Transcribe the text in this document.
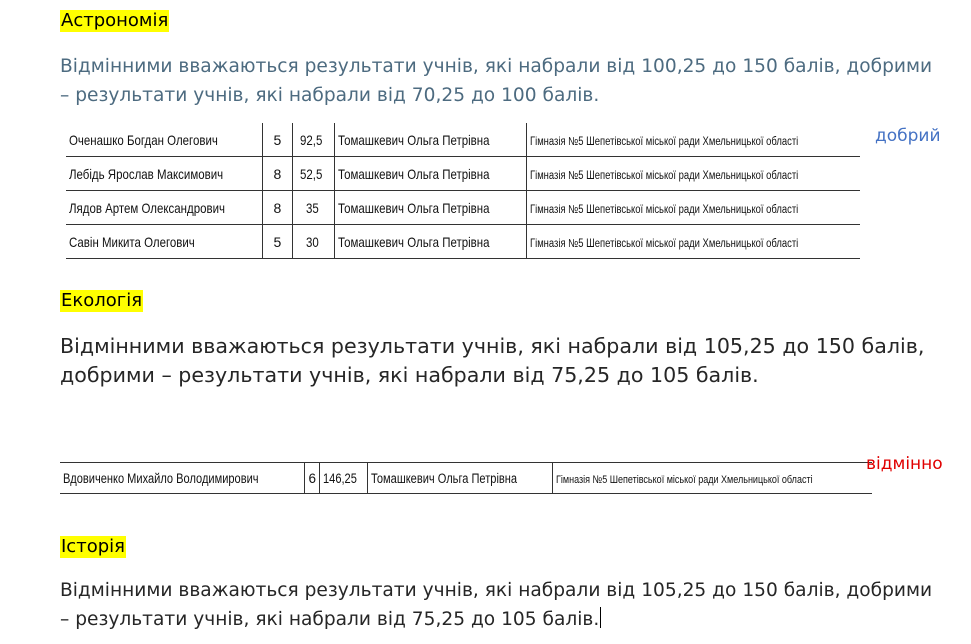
Астрономія

Відмінними вважаються результати учнів, які набрали від 100,25 до 150 балів, добрими – результати учнів, які набрали від 70,25 до 100 балів.

Оченашко Богдан Олегович	5	92,5	Томашкевич Ольга Петрівна	Гімназія №5 Шепетівської міської ради Хмельницької області
Лебідь Ярослав Максимович	8	52,5	Томашкевич Ольга Петрівна	Гімназія №5 Шепетівської міської ради Хмельницької області
Лядов Артем Олександрович	8	35	Томашкевич Ольга Петрівна	Гімназія №5 Шепетівської міської ради Хмельницької області
Савін Микита Олегович	5	30	Томашкевич Ольга Петрівна	Гімназія №5 Шепетівської міської ради Хмельницької області
добрий
Екологія

Відмінними вважаються результати учнів, які набрали від 105,25 до 150 балів, добрими – результати учнів, які набрали від 75,25 до 105 балів.

Вдовиченко Михайло Володимирович	6	146,25	Томашкевич Ольга Петрівна	Гімназія №5 Шепетівської міської ради Хмельницької області
відмінно
Історія

Відмінними вважаються результати учнів, які набрали від 105,25 до 150 балів, добрими – результати учнів, які набрали від 75,25 до 105 балів.
